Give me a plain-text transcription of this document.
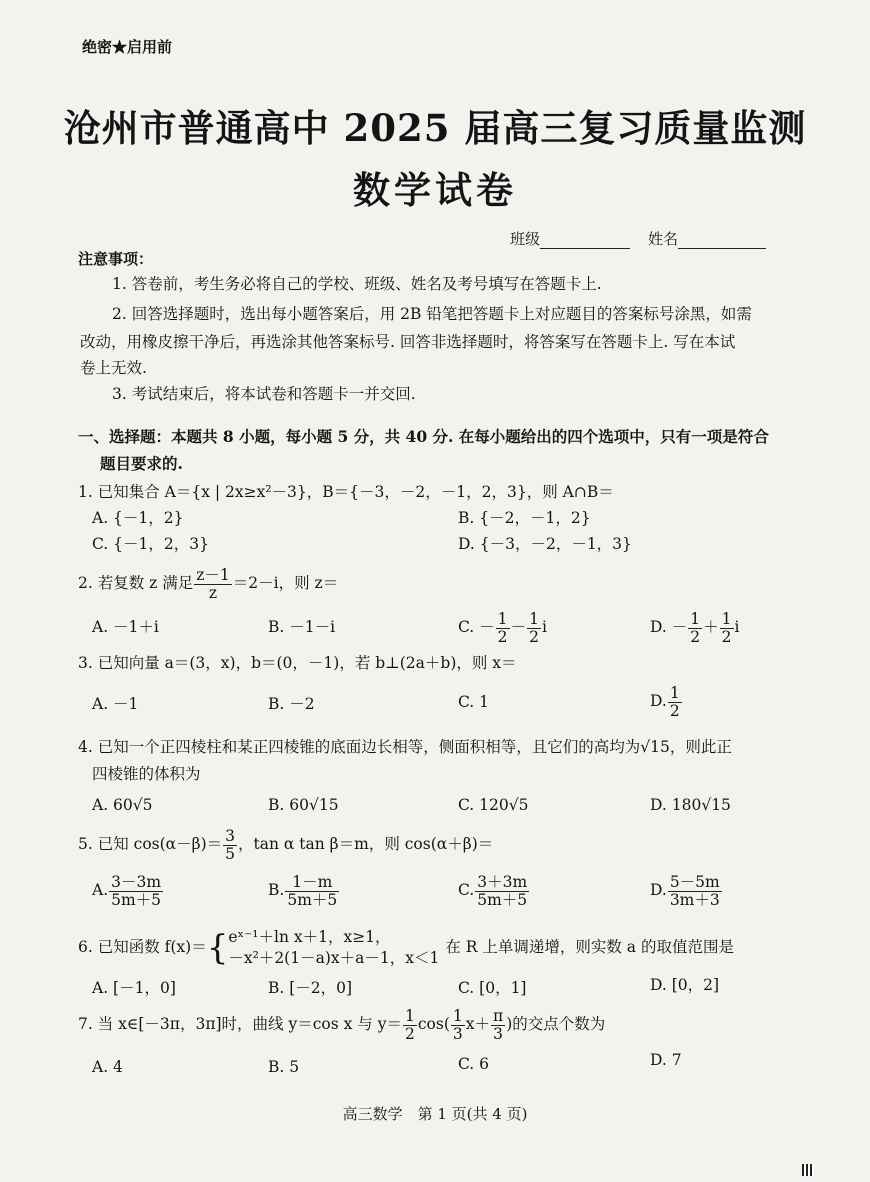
绝密★启用前
沧州市普通高中 2025 届高三复习质量监测
数学试卷
班级	姓名
注意事项：
1. 答卷前，考生务必将自己的学校、班级、姓名及考号填写在答题卡上.
2. 回答选择题时，选出每小题答案后，用 2B 铅笔把答题卡上对应题目的答案标号涂黑，如需
改动，用橡皮擦干净后，再选涂其他答案标号. 回答非选择题时，将答案写在答题卡上. 写在本试
卷上无效.
3. 考试结束后，将本试卷和答题卡一并交回.
一、选择题：本题共 8 小题，每小题 5 分，共 40 分. 在每小题给出的四个选项中，只有一项是符合
题目要求的.
1. 已知集合 A＝{x | 2x≥x²－3}，B＝{－3，－2，－1，2，3}，则 A∩B＝
A. {－1，2}	B. {－2，－1，2}
C. {－1，2，3}	D. {－3，－2，－1，3}
2. 若复数 z 满足 $\frac{z-1}{z} =2-i$，则 z＝
A. －1＋i	B. －1－i	C. － $\frac{1}{2} - \frac{1}{2}$ i	D. － $\frac{1}{2} + \frac{1}{2}$ i
3. 已知向量 a＝(3，x)，b＝(0，－1)，若 b⊥(2a＋b)，则 x＝
A. －1	B. －2	C. 1	D. $\frac{1}{2}$
4. 已知一个正四棱柱和某正四棱锥的底面边长相等，侧面积相等，且它们的高均为√15，则此正
四棱锥的体积为
A. 60√5	B. 60√15	C. 120√5	D. 180√15
5. 已知 $\cos(\alpha-\beta)= \frac{3}{5}$ ，tan α tan β＝m，则 cos(α＋β)＝
A. $\frac{3-3m}{5m+5}$	B. $\frac{1-m}{5m+5}$	C. $\frac{3+3m}{5m+5}$	D. $\frac{5-5m}{3m+3}$
6. 已知函数 f(x)＝{ eˣ⁻¹＋ln x＋1，x≥1，
－x²＋2(1－a)x＋a－1，x＜1
在 R 上单调递增，则实数 a 的取值范围是
A. [－1，0]	B. [－2，0]	C. [0，1]	D. [0，2]
7. 当 x∈[－3π，3π]时，曲线 y＝cos x 与 $y= \frac{1}{2} \cos( \frac{1}{3} x+ \frac{\pi}{3}$ )的交点个数为
A. 4	B. 5	C. 6	D. 7
高三数学　第 1 页(共 4 页)
